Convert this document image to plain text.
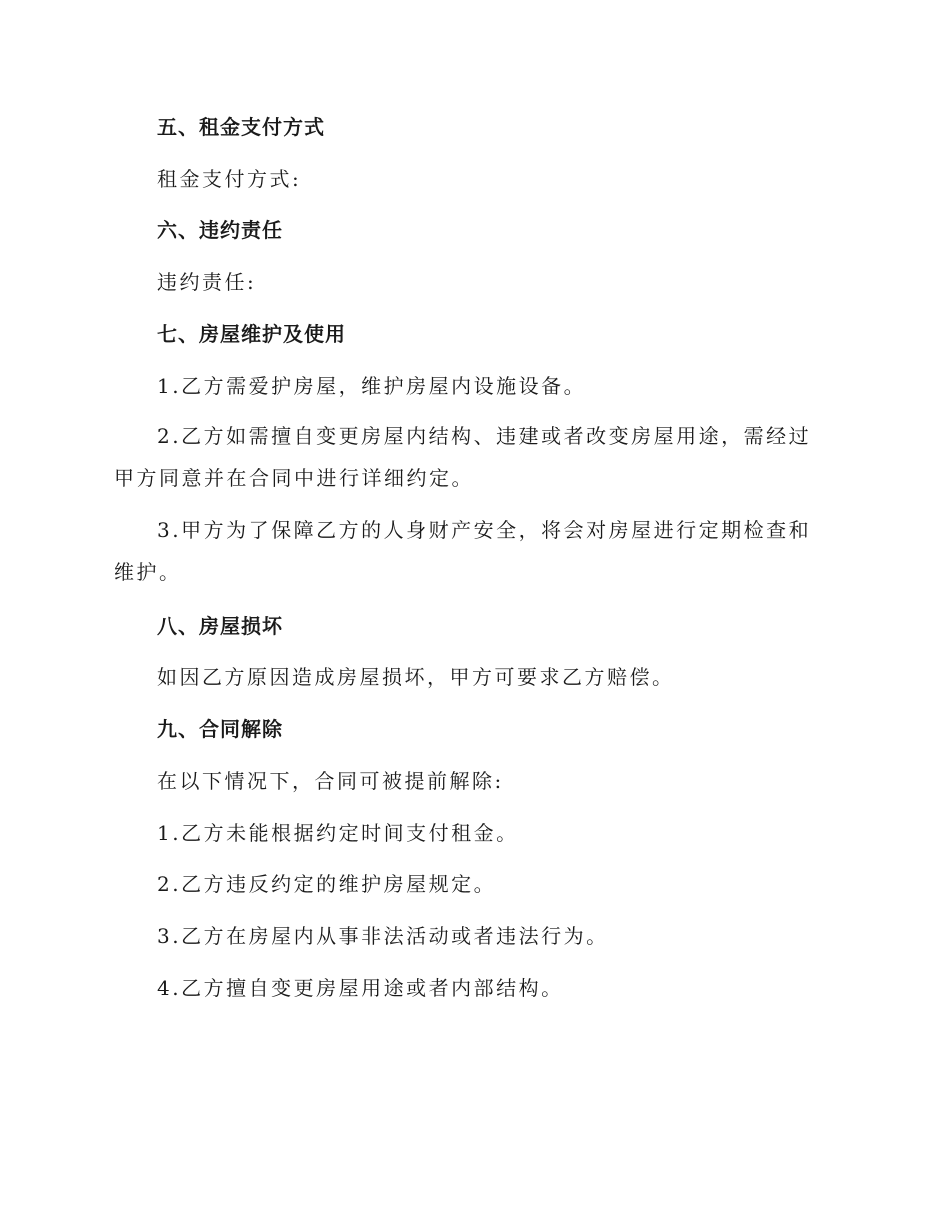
五、租金支付方式

租金支付方式:

六、违约责任

违约责任:

七、房屋维护及使用

1.乙方需爱护房屋，维护房屋内设施设备。

2.乙方如需擅自变更房屋内结构、违建或者改变房屋用途，需经过甲方同意并在合同中进行详细约定。

3.甲方为了保障乙方的人身财产安全，将会对房屋进行定期检查和维护。

八、房屋损坏

如因乙方原因造成房屋损坏，甲方可要求乙方赔偿。

九、合同解除

在以下情况下，合同可被提前解除:

1.乙方未能根据约定时间支付租金。

2.乙方违反约定的维护房屋规定。

3.乙方在房屋内从事非法活动或者违法行为。

4.乙方擅自变更房屋用途或者内部结构。
